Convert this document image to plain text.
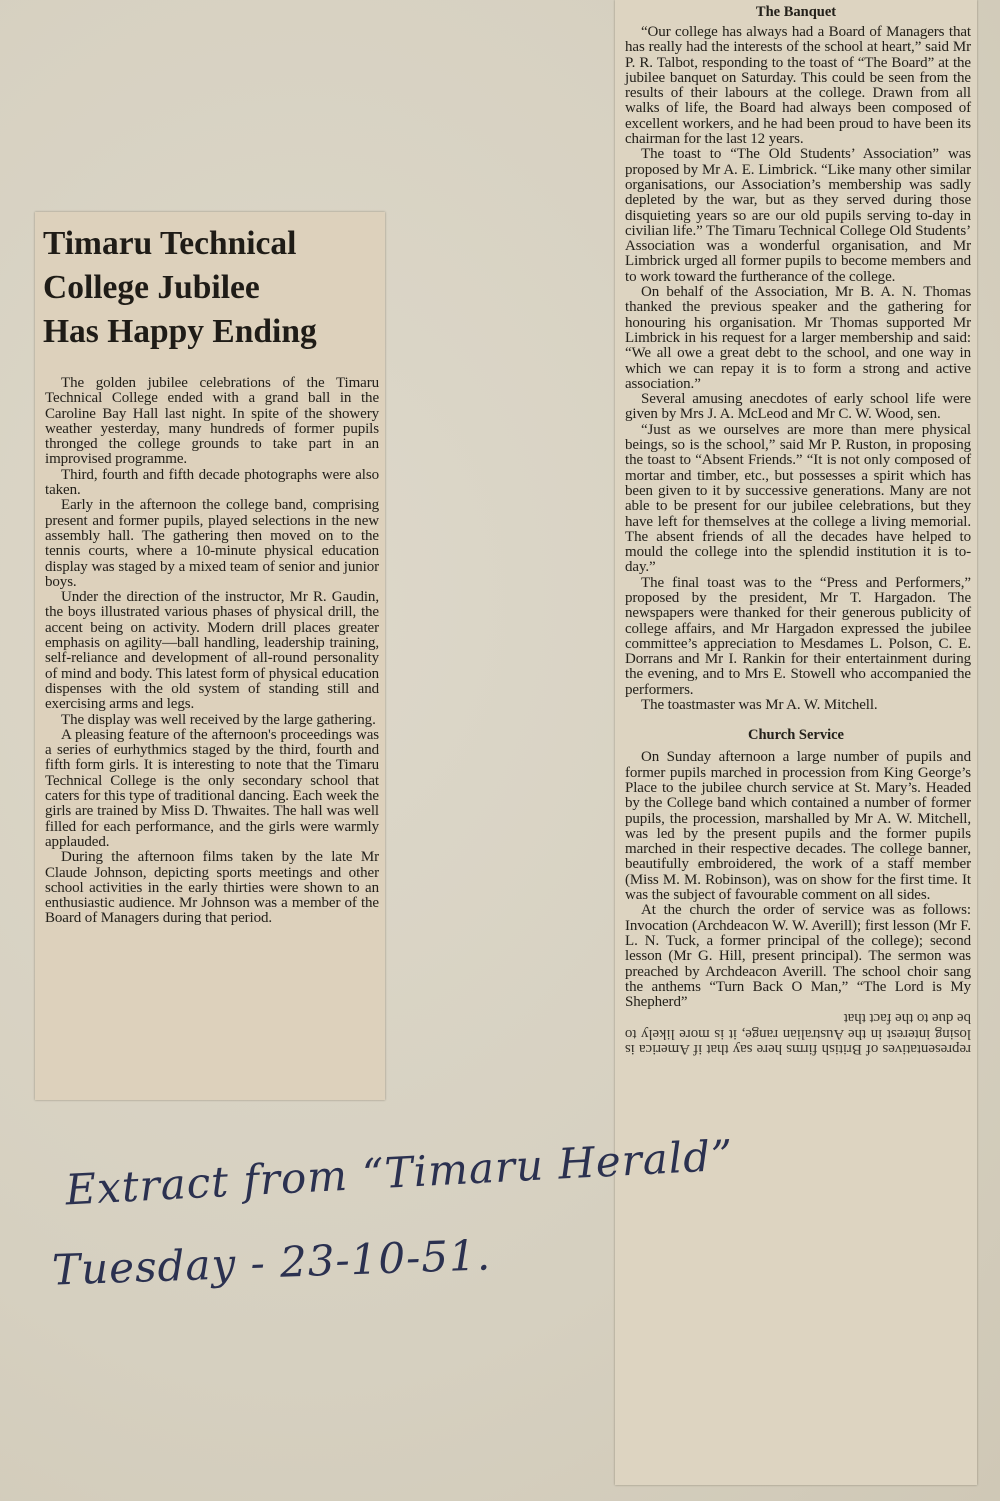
Timaru Technical
College Jubilee
Has Happy Ending

The golden jubilee celebrations of the Timaru Technical College ended with a grand ball in the Caroline Bay Hall last night. In spite of the showery weather yesterday, many hundreds of former pupils thronged the college grounds to take part in an improvised programme.

Third, fourth and fifth decade photographs were also taken.

Early in the afternoon the college band, comprising present and former pupils, played selections in the new assembly hall. The gathering then moved on to the tennis courts, where a 10-minute physical education display was staged by a mixed team of senior and junior boys.

Under the direction of the instructor, Mr R. Gaudin, the boys illustrated various phases of physical drill, the accent being on activity. Modern drill places greater emphasis on agility—ball handling, leadership training, self-reliance and development of all-round personality of mind and body. This latest form of physical education dispenses with the old system of standing still and exercising arms and legs.

The display was well received by the large gathering.

A pleasing feature of the afternoon's proceedings was a series of eurhythmics staged by the third, fourth and fifth form girls. It is interesting to note that the Timaru Technical College is the only secondary school that caters for this type of traditional dancing. Each week the girls are trained by Miss D. Thwaites. The hall was well filled for each performance, and the girls were warmly applauded.

During the afternoon films taken by the late Mr Claude Johnson, depicting sports meetings and other school activities in the early thirties were shown to an enthusiastic audience. Mr Johnson was a member of the Board of Managers during that period.

The Banquet

“Our college has always had a Board of Managers that has really had the interests of the school at heart,” said Mr P. R. Talbot, responding to the toast of “The Board” at the jubilee banquet on Saturday. This could be seen from the results of their labours at the college. Drawn from all walks of life, the Board had always been composed of excellent workers, and he had been proud to have been its chairman for the last 12 years.

The toast to “The Old Students’ Association” was proposed by Mr A. E. Limbrick. “Like many other similar organisations, our Association’s membership was sadly depleted by the war, but as they served during those disquieting years so are our old pupils serving to-day in civilian life.” The Timaru Technical College Old Students’ Association was a wonderful organisation, and Mr Limbrick urged all former pupils to become members and to work toward the furtherance of the college.

On behalf of the Association, Mr B. A. N. Thomas thanked the previous speaker and the gathering for honouring his organisation. Mr Thomas supported Mr Limbrick in his request for a larger membership and said: “We all owe a great debt to the school, and one way in which we can repay it is to form a strong and active association.”

Several amusing anecdotes of early school life were given by Mrs J. A. McLeod and Mr C. W. Wood, sen.

“Just as we ourselves are more than mere physical beings, so is the school,” said Mr P. Ruston, in proposing the toast to “Absent Friends.” “It is not only composed of mortar and timber, etc., but possesses a spirit which has been given to it by successive generations. Many are not able to be present for our jubilee celebrations, but they have left for themselves at the college a living memorial. The absent friends of all the decades have helped to mould the college into the splendid institution it is to-day.”

The final toast was to the “Press and Performers,” proposed by the president, Mr T. Hargadon. The newspapers were thanked for their generous publicity of college affairs, and Mr Hargadon expressed the jubilee committee’s appreciation to Mesdames L. Polson, C. E. Dorrans and Mr I. Rankin for their entertainment during the evening, and to Mrs E. Stowell who accompanied the performers.

The toastmaster was Mr A. W. Mitchell.

Church Service

On Sunday afternoon a large number of pupils and former pupils marched in procession from King George’s Place to the jubilee church service at St. Mary’s. Headed by the College band which contained a number of former pupils, the procession, marshalled by Mr A. W. Mitchell, was led by the present pupils and the former pupils marched in their respective decades. The college banner, beautifully embroidered, the work of a staff member (Miss M. M. Robinson), was on show for the first time. It was the subject of favourable comment on all sides.

At the church the order of service was as follows: Invocation (Archdeacon W. W. Averill); first lesson (Mr F. L. N. Tuck, a former principal of the college); second lesson (Mr G. Hill, present principal). The sermon was preached by Archdeacon Averill. The school choir sang the anthems “Turn Back O Man,” “The Lord is My Shepherd”

representatives of British firms here say that if America is losing interest in the Australian range, it is more likely to be due to the fact that

Extract from “Timaru Herald”
Tuesday - 23-10-51.
